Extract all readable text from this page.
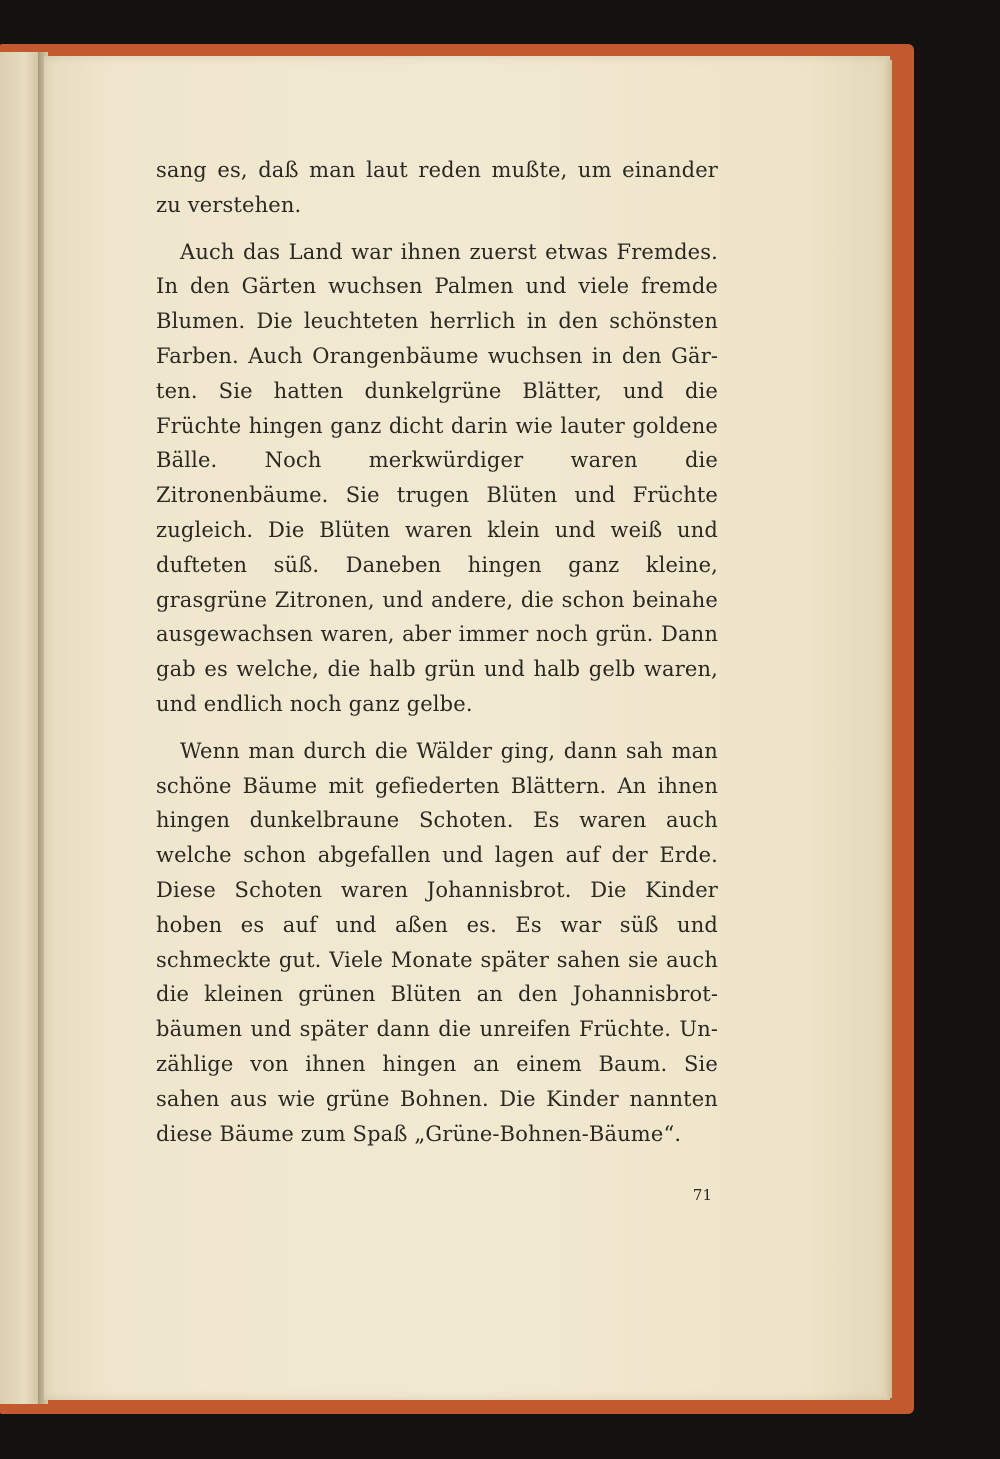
sang es, daß man laut reden mußte, um einander zu verstehen.

Auch das Land war ihnen zuerst etwas Fremdes. In den Gärten wuchsen Palmen und viele fremde Blumen. Die leuchteten herrlich in den schönsten Farben. Auch Orangenbäume wuchsen in den Gärten. Sie hatten dunkelgrüne Blätter, und die Früchte hingen ganz dicht darin wie lauter goldene Bälle. Noch merkwürdiger waren die Zitronenbäume. Sie trugen Blüten und Früchte zugleich. Die Blüten waren klein und weiß und dufteten süß. Daneben hingen ganz kleine, grasgrüne Zitronen, und andere, die schon beinahe ausgewachsen waren, aber immer noch grün. Dann gab es welche, die halb grün und halb gelb waren, und endlich noch ganz gelbe.

Wenn man durch die Wälder ging, dann sah man schöne Bäume mit gefiederten Blättern. An ihnen hingen dunkelbraune Schoten. Es waren auch welche schon abgefallen und lagen auf der Erde. Diese Schoten waren Johannisbrot. Die Kinder hoben es auf und aßen es. Es war süß und schmeckte gut. Viele Monate später sahen sie auch die kleinen grünen Blüten an den Johannisbrotbäumen und später dann die unreifen Früchte. Unzählige von ihnen hingen an einem Baum. Sie sahen aus wie grüne Bohnen. Die Kinder nannten diese Bäume zum Spaß „Grüne-Bohnen-Bäume“.

71
